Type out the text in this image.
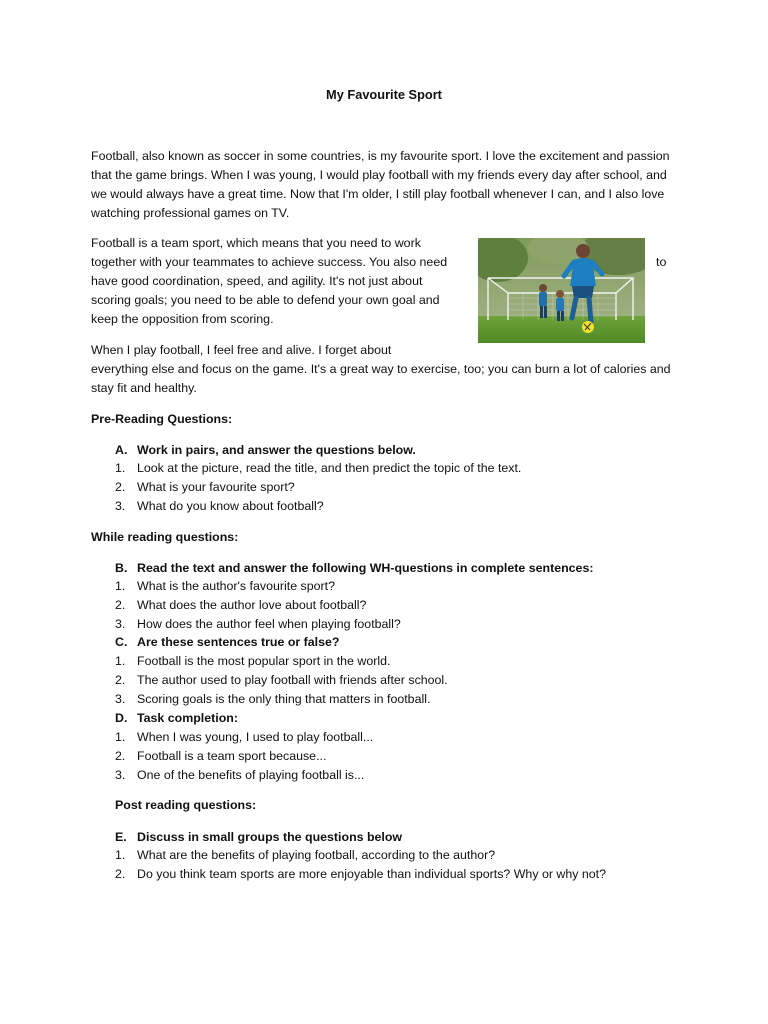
My Favourite Sport
Football, also known as soccer in some countries, is my favourite sport. I love the excitement and passion that the game brings. When I was young, I would play football with my friends every day after school, and we would always have a great time. Now that I'm older, I still play football whenever I can, and I also love watching professional games on TV.
Football is a team sport, which means that you need to work together with your teammates to achieve success. You also need have good coordination, speed, and agility. It's not just about scoring goals; you need to be able to defend your own goal and keep the opposition from scoring.
to
When I play football, I feel free and alive. I forget about
everything else and focus on the game. It's a great way to exercise, too; you can burn a lot of calories and stay fit and healthy.
Pre-Reading Questions:
A. Work in pairs, and answer the questions below.
1. Look at the picture, read the title, and then predict the topic of the text.
2. What is your favourite sport?
3. What do you know about football?
While reading questions:
B. Read the text and answer the following WH-questions in complete sentences:
1. What is the author's favourite sport?
2. What does the author love about football?
3. How does the author feel when playing football?
C. Are these sentences true or false?
1. Football is the most popular sport in the world.
2. The author used to play football with friends after school.
3. Scoring goals is the only thing that matters in football.
D. Task completion:
1. When I was young, I used to play football...
2. Football is a team sport because...
3. One of the benefits of playing football is...
Post reading questions:
E. Discuss in small groups the questions below
1. What are the benefits of playing football, according to the author?
2. Do you think team sports are more enjoyable than individual sports? Why or why not?
